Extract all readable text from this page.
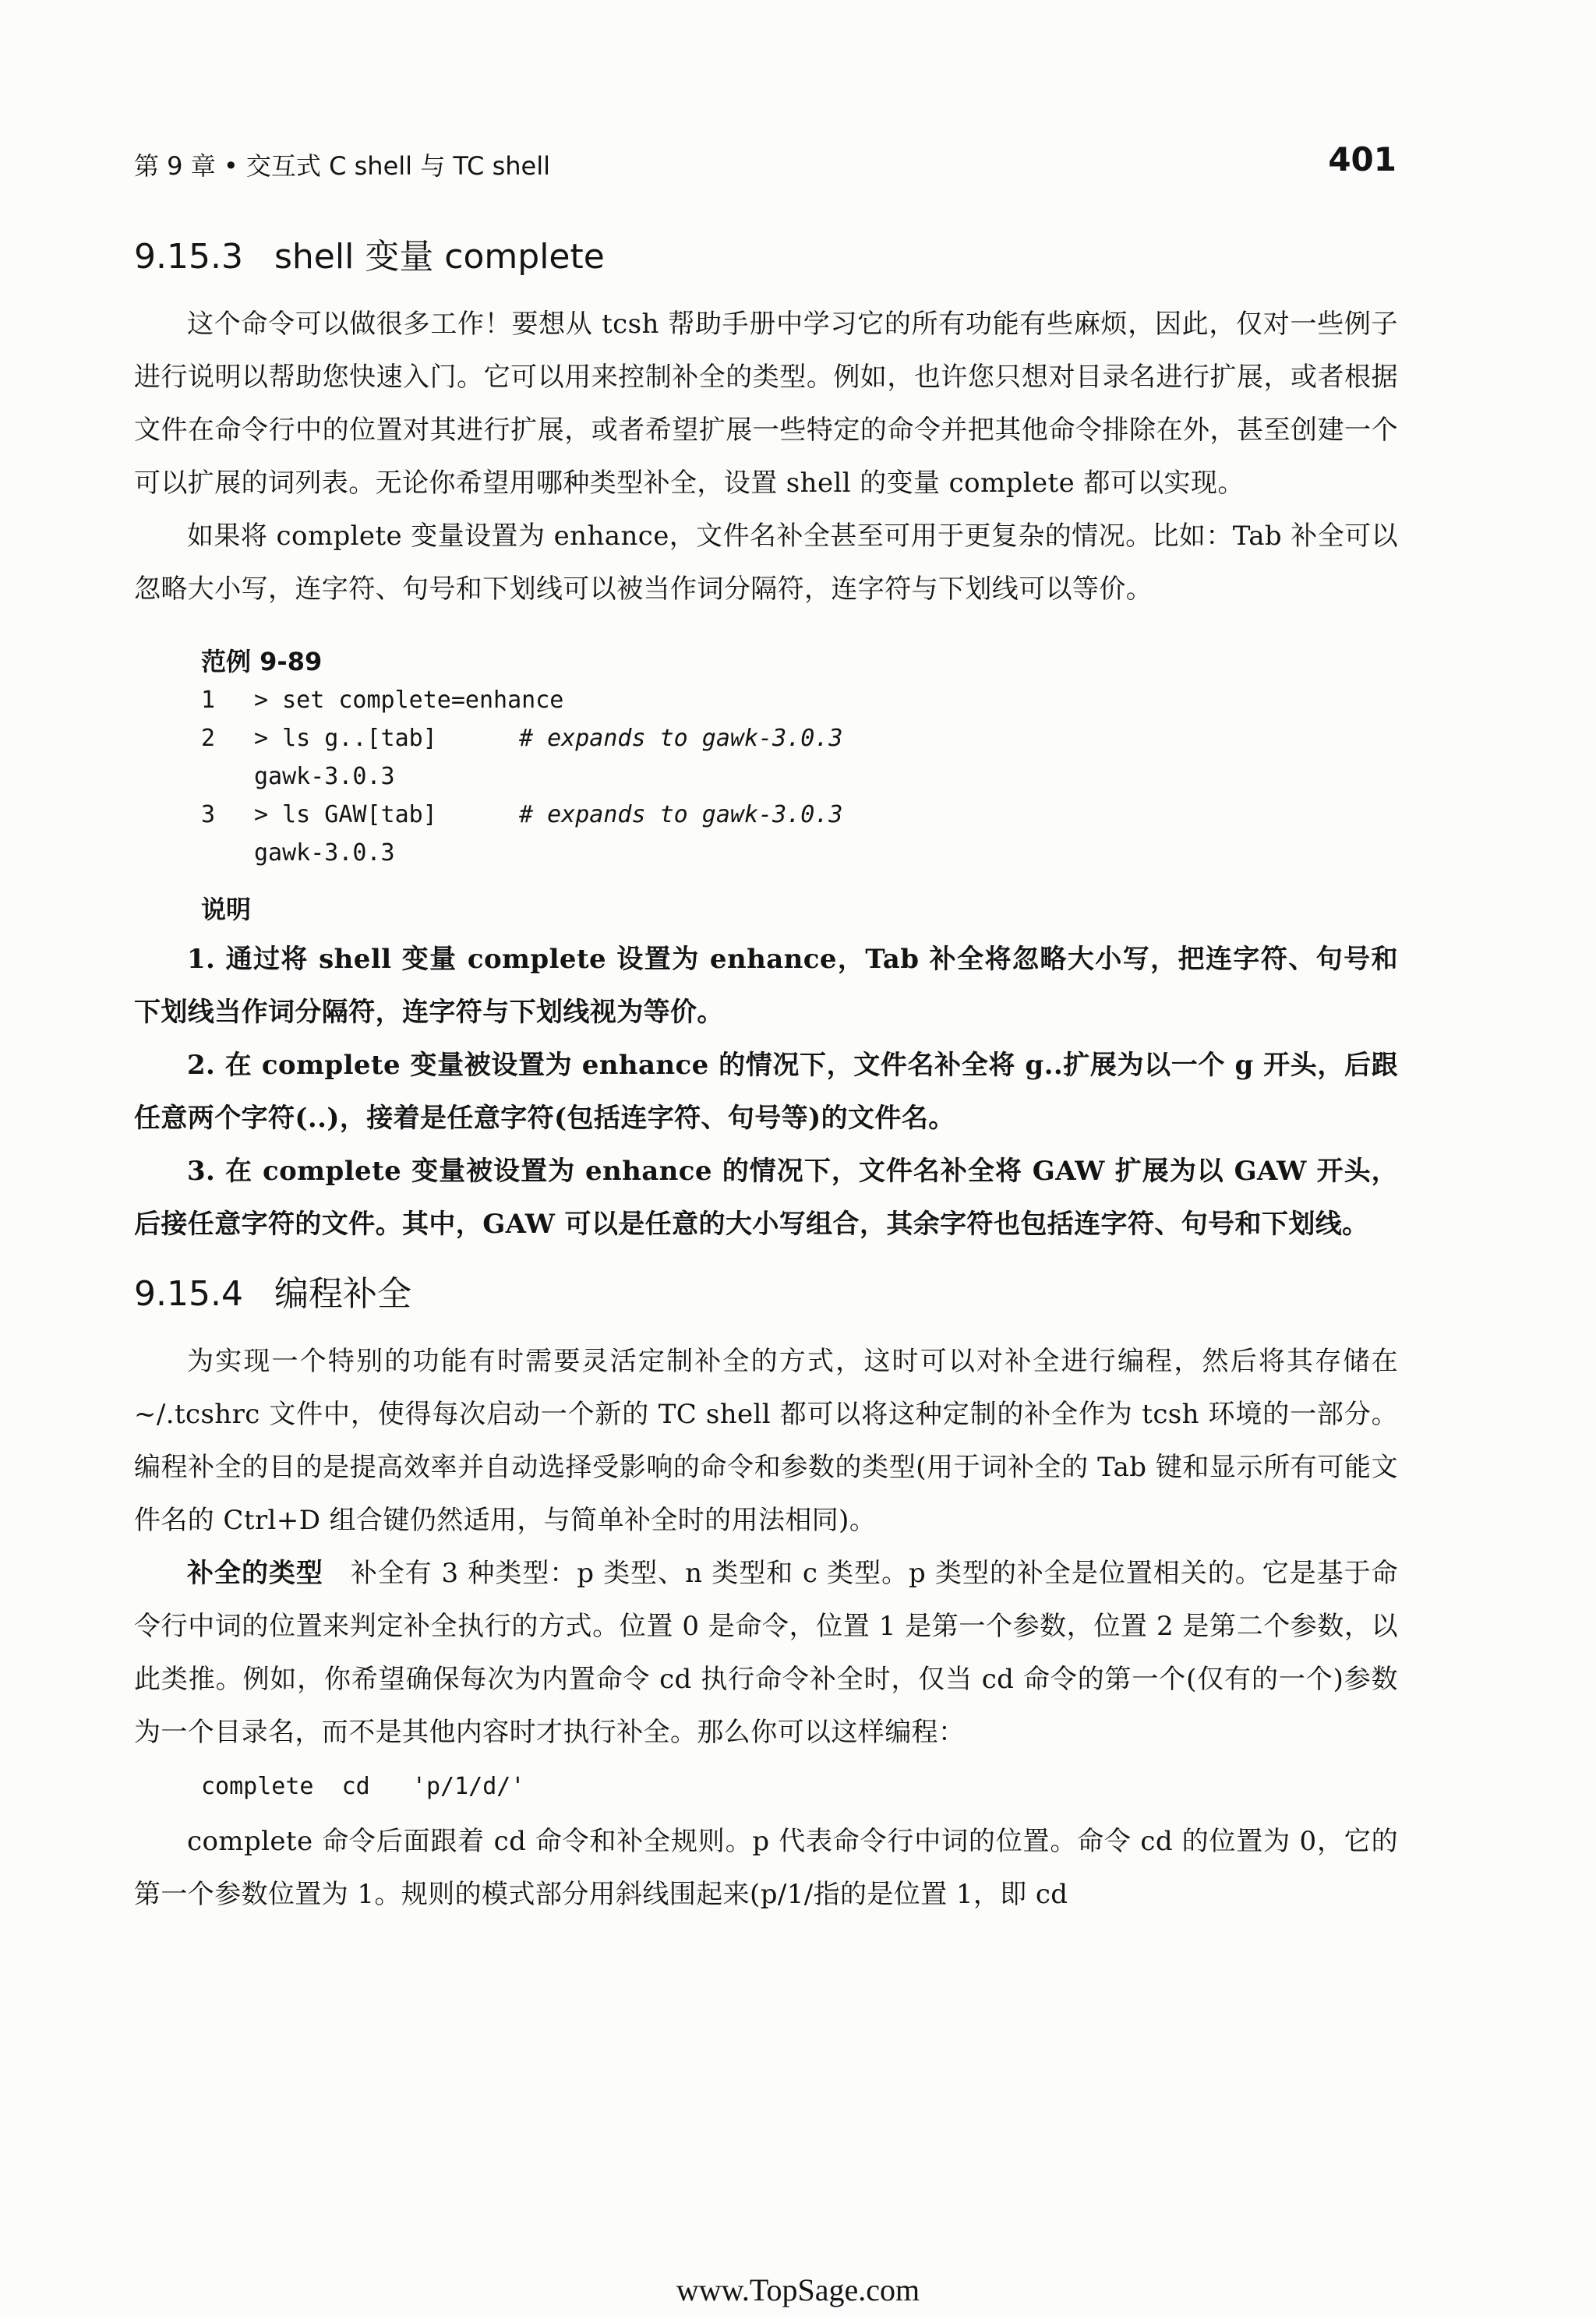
第 9 章 • 交互式 C shell 与 TC shell	401
9.15.3 shell 变量 complete

这个命令可以做很多工作！要想从 tcsh 帮助手册中学习它的所有功能有些麻烦，因此，仅对一些例子进行说明以帮助您快速入门。它可以用来控制补全的类型。例如，也许您只想对目录名进行扩展，或者根据文件在命令行中的位置对其进行扩展，或者希望扩展一些特定的命令并把其他命令排除在外，甚至创建一个可以扩展的词列表。无论你希望用哪种类型补全，设置 shell 的变量 complete 都可以实现。

如果将 complete 变量设置为 enhance，文件名补全甚至可用于更复杂的情况。比如：Tab 补全可以忽略大小写，连字符、句号和下划线可以被当作词分隔符，连字符与下划线可以等价。

范例 9-89
1 > set complete=enhance
2 > ls g..[tab]	# expands to gawk-3.0.3
gawk-3.0.3
3 > ls GAW[tab]	# expands to gawk-3.0.3
gawk-3.0.3
说明

1. 通过将 shell 变量 complete 设置为 enhance，Tab 补全将忽略大小写，把连字符、句号和下划线当作词分隔符，连字符与下划线视为等价。

2. 在 complete 变量被设置为 enhance 的情况下，文件名补全将 g..扩展为以一个 g 开头，后跟任意两个字符(..)，接着是任意字符(包括连字符、句号等)的文件名。

3. 在 complete 变量被设置为 enhance 的情况下，文件名补全将 GAW 扩展为以 GAW 开头，后接任意字符的文件。其中，GAW 可以是任意的大小写组合，其余字符也包括连字符、句号和下划线。

9.15.4 编程补全

为实现一个特别的功能有时需要灵活定制补全的方式，这时可以对补全进行编程，然后将其存储在~/.tcshrc 文件中，使得每次启动一个新的 TC shell 都可以将这种定制的补全作为 tcsh 环境的一部分。编程补全的目的是提高效率并自动选择受影响的命令和参数的类型(用于词补全的 Tab 键和显示所有可能文件名的 Ctrl+D 组合键仍然适用，与简单补全时的用法相同)。

补全的类型  补全有 3 种类型：p 类型、n 类型和 c 类型。p 类型的补全是位置相关的。它是基于命令行中词的位置来判定补全执行的方式。位置 0 是命令，位置 1 是第一个参数，位置 2 是第二个参数，以此类推。例如，你希望确保每次为内置命令 cd 执行命令补全时，仅当 cd 命令的第一个(仅有的一个)参数为一个目录名，而不是其他内容时才执行补全。那么你可以这样编程：

complete  cd   'p/1/d/'

complete 命令后面跟着 cd 命令和补全规则。p 代表命令行中词的位置。命令 cd 的位置为 0，它的第一个参数位置为 1。规则的模式部分用斜线围起来(p/1/指的是位置 1，即 cd

www.TopSage.com
